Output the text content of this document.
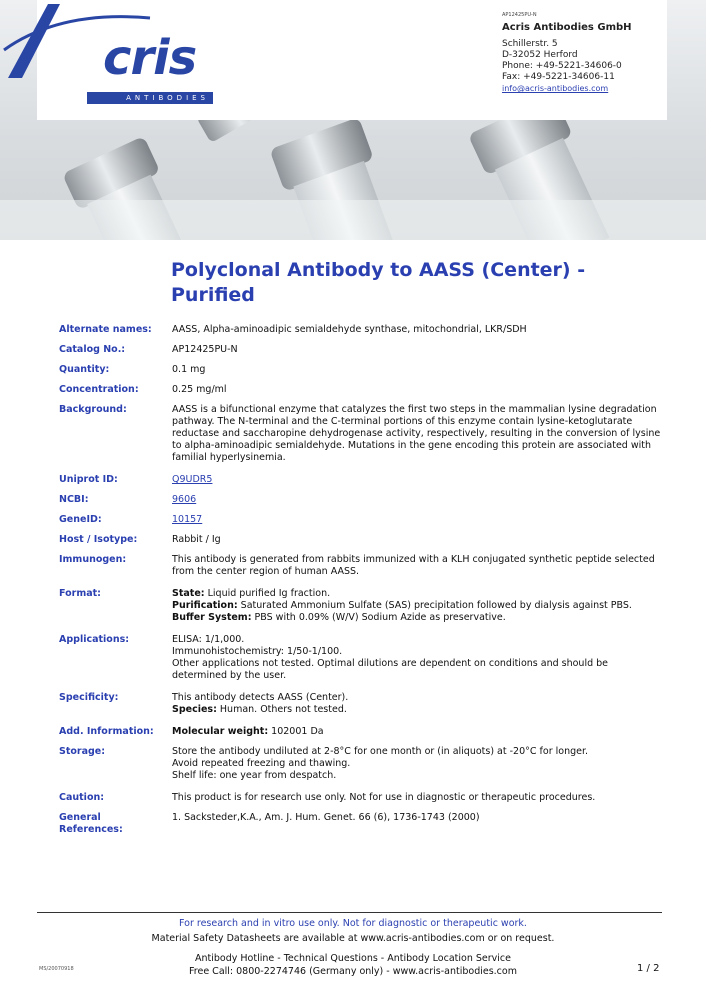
cris
ANTIBODIES
AP12425PU-N
Acris Antibodies GmbH
Schillerstr. 5
D-32052 Herford
Phone: +49-5221-34606-0
Fax: +49-5221-34606-11
info@acris-antibodies.com
Polyclonal Antibody to AASS (Center) -
Purified
Alternate names:	AASS, Alpha-aminoadipic semialdehyde synthase, mitochondrial, LKR/SDH
Catalog No.:	AP12425PU-N
Quantity:	0.1 mg
Concentration:	0.25 mg/ml
Background:	AASS is a bifunctional enzyme that catalyzes the first two steps in the mammalian lysine degradation pathway. The N-terminal and the C-terminal portions of this enzyme contain lysine-ketoglutarate reductase and saccharopine dehydrogenase activity, respectively, resulting in the conversion of lysine to alpha-aminoadipic semialdehyde. Mutations in the gene encoding this protein are associated with familial hyperlysinemia.
Uniprot ID:	Q9UDR5
NCBI:	9606
GeneID:	10157
Host / Isotype:	Rabbit / Ig
Immunogen:	This antibody is generated from rabbits immunized with a KLH conjugated synthetic peptide selected from the center region of human AASS.
Format:	State: Liquid purified Ig fraction.
Purification: Saturated Ammonium Sulfate (SAS) precipitation followed by dialysis against PBS.
Buffer System: PBS with 0.09% (W/V) Sodium Azide as preservative.
Applications:	ELISA: 1/1,000.
Immunohistochemistry: 1/50-1/100.
Other applications not tested. Optimal dilutions are dependent on conditions and should be determined by the user.
Specificity:	This antibody detects AASS (Center).
Species: Human. Others not tested.
Add. Information:	Molecular weight: 102001 Da
Storage:	Store the antibody undiluted at 2-8°C for one month or (in aliquots) at -20°C for longer.
Avoid repeated freezing and thawing.
Shelf life: one year from despatch.
Caution:	This product is for research use only. Not for use in diagnostic or therapeutic procedures.
General
References:
1. Sacksteder,K.A., Am. J. Hum. Genet. 66 (6), 1736-1743 (2000)
For research and in vitro use only. Not for diagnostic or therapeutic work.
Material Safety Datasheets are available at www.acris-antibodies.com or on request.
Antibody Hotline - Technical Questions - Antibody Location Service
Free Call: 0800-2274746 (Germany only) - www.acris-antibodies.com
MS/20070918	1 / 2
